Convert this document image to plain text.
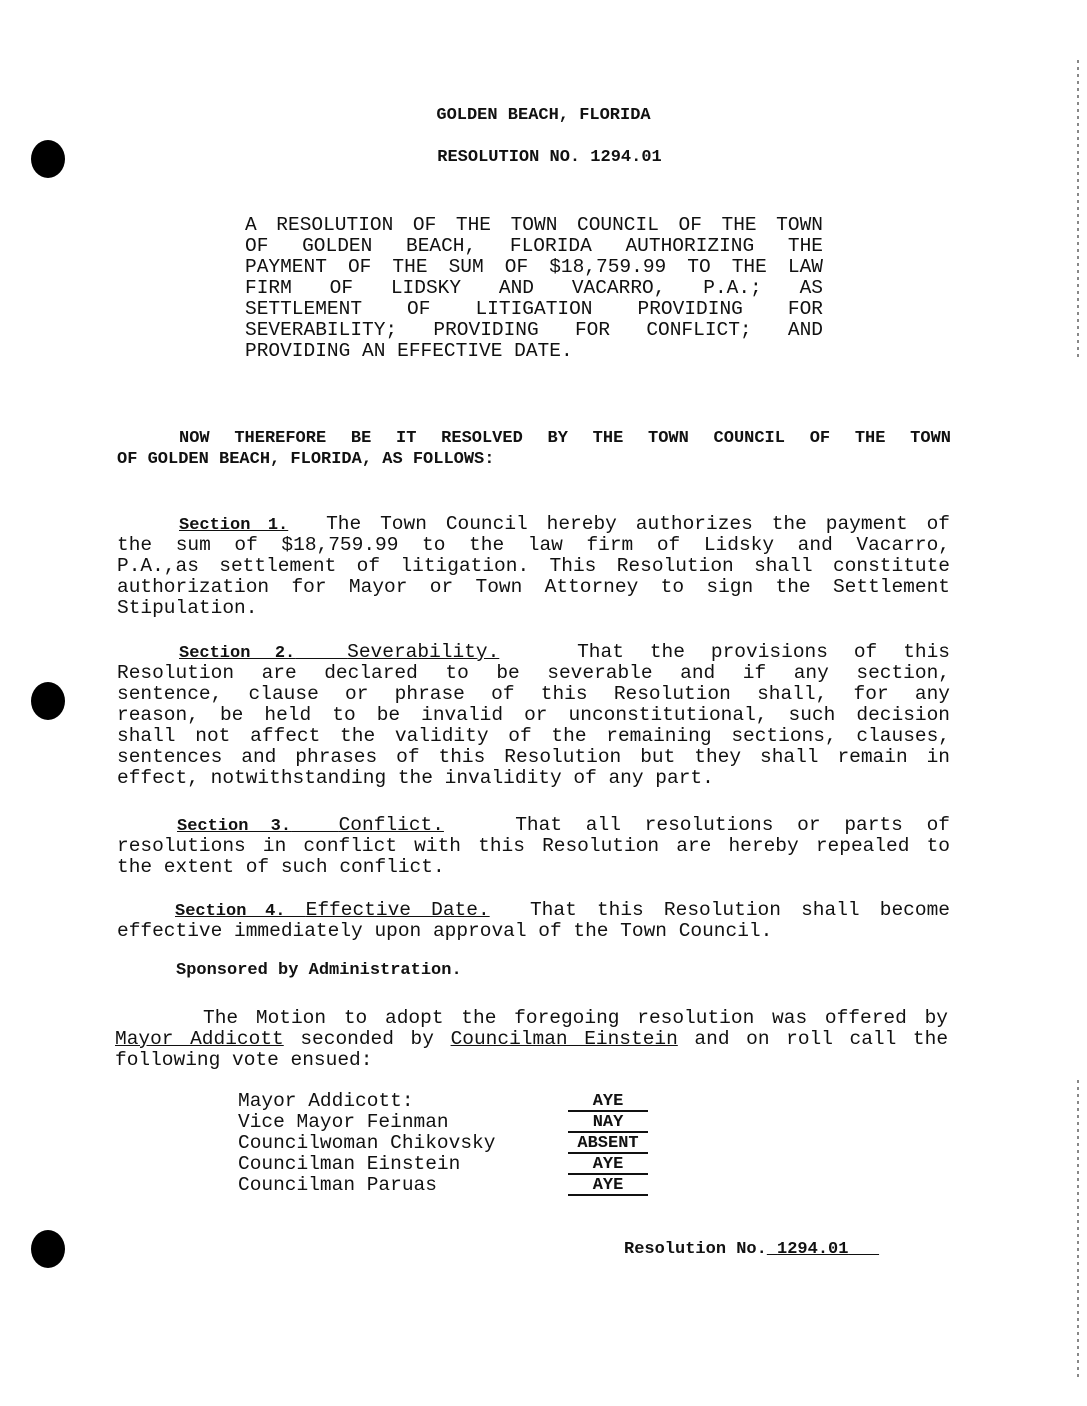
GOLDEN BEACH, FLORIDA
RESOLUTION NO. 1294.01
A RESOLUTION OF THE TOWN COUNCIL OF THE TOWN
OF GOLDEN BEACH, FLORIDA AUTHORIZING THE
PAYMENT OF THE SUM OF $18,759.99 TO THE LAW
FIRM OF LIDSKY AND VACARRO, P.A.; AS
SETTLEMENT OF LITIGATION PROVIDING FOR
SEVERABILITY; PROVIDING FOR CONFLICT; AND
PROVIDING AN EFFECTIVE DATE.
NOW THEREFORE BE IT RESOLVED BY THE TOWN COUNCIL OF THE TOWN
OF GOLDEN BEACH, FLORIDA, AS FOLLOWS:
Section 1. The Town Council hereby authorizes the payment of
the sum of $18,759.99 to the law firm of Lidsky and Vacarro,
P.A.,as settlement of litigation. This Resolution shall constitute
authorization for Mayor or Town Attorney to sign the Settlement
Stipulation.
Section 2.	Severability.	That the provisions of this
Resolution are declared to be severable and if any section,
sentence, clause or phrase of this Resolution shall, for any
reason, be held to be invalid or unconstitutional, such decision
shall not affect the validity of the remaining sections, clauses,
sentences and phrases of this Resolution but they shall remain in
effect, notwithstanding the invalidity of any part.
Section 3. Conflict.	That all resolutions or parts of
resolutions in conflict with this Resolution are hereby repealed to
the extent of such conflict.
Section 4. Effective Date. That this Resolution shall become
effective immediately upon approval of the Town Council.
Sponsored by Administration.
The Motion to adopt the foregoing resolution was offered by
Mayor Addicott seconded by Councilman Einstein and on roll call the
following vote ensued:
Mayor Addicott:	AYE
Vice Mayor Feinman	NAY
Councilwoman Chikovsky	ABSENT
Councilman Einstein	AYE
Councilman Paruas	AYE
Resolution No. 1294.01
